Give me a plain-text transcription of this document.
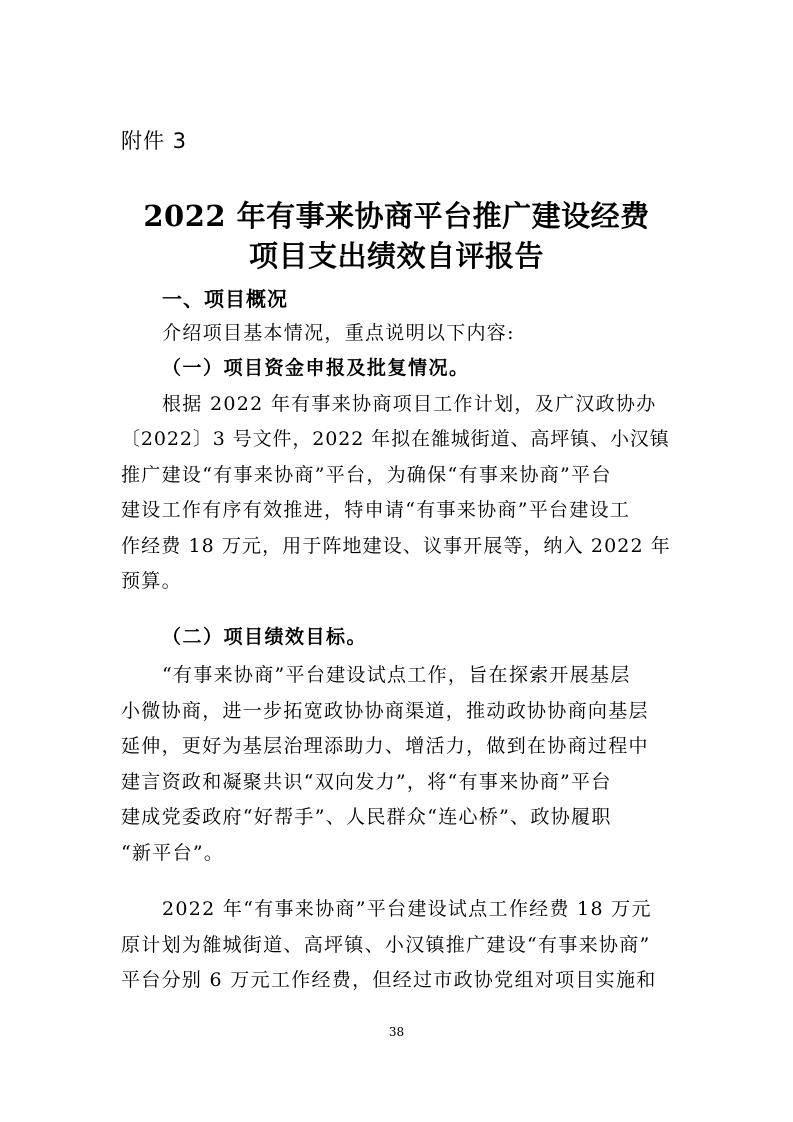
附件 3
2022 年有事来协商平台推广建设经费
项目支出绩效自评报告
一、项目概况
介绍项目基本情况，重点说明以下内容:
（一）项目资金申报及批复情况。
根据 2022 年有事来协商项目工作计划，及广汉政协办
〔2022〕3 号文件，2022 年拟在雒城街道、高坪镇、小汉镇
推广建设“有事来协商”平台，为确保“有事来协商”平台
建设工作有序有效推进，特申请“有事来协商”平台建设工
作经费 18 万元，用于阵地建设、议事开展等，纳入 2022 年
预算。
（二）项目绩效目标。
“有事来协商”平台建设试点工作，旨在探索开展基层
小微协商，进一步拓宽政协协商渠道，推动政协协商向基层
延伸，更好为基层治理添助力、增活力，做到在协商过程中
建言资政和凝聚共识“双向发力”，将“有事来协商”平台
建成党委政府“好帮手”、人民群众“连心桥”、政协履职
“新平台”。
2022 年“有事来协商”平台建设试点工作经费 18 万元
原计划为雒城街道、高坪镇、小汉镇推广建设“有事来协商”
平台分别 6 万元工作经费，但经过市政协党组对项目实施和
38
